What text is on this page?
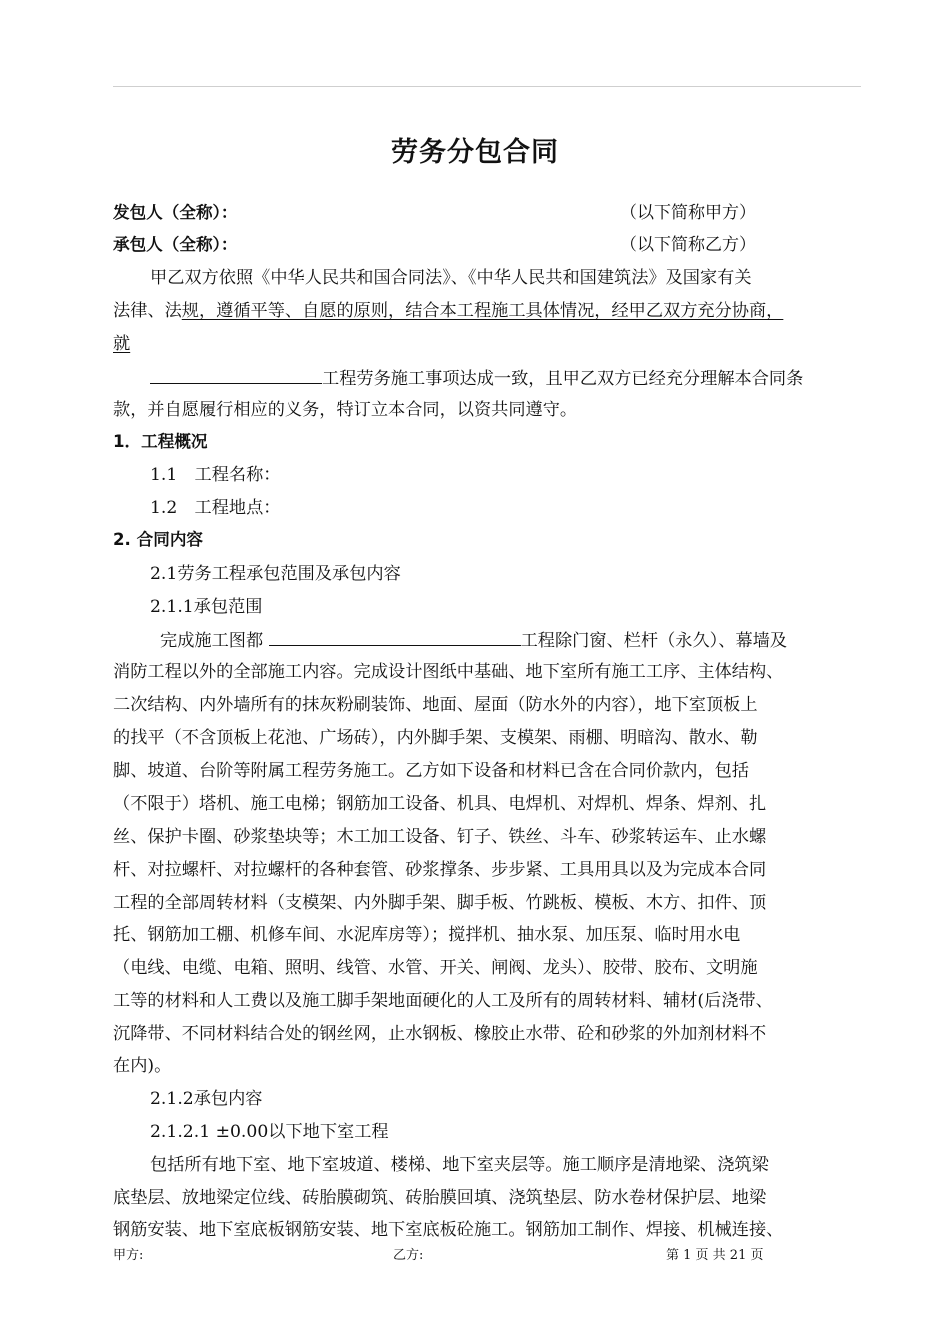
劳务分包合同
发包人（全称）：	（以下简称甲方）
承包人（全称）：	（以下简称乙方）
甲乙双方依照《中华人民共和国合同法》、《中华人民共和国建筑法》及国家有关
法律、法规，遵循平等、自愿的原则，结合本工程施工具体情况，经甲乙双方充分协商，
就
工程劳务施工事项达成一致，且甲乙双方已经充分理解本合同条
款，并自愿履行相应的义务，特订立本合同，以资共同遵守。
1．工程概况
1.1　工程名称：
1.2　工程地点：
2. 合同内容
2.1劳务工程承包范围及承包内容
2.1.1承包范围
完成施工图都	工程除门窗、栏杆（永久）、幕墙及
消防工程以外的全部施工内容。完成设计图纸中基础、地下室所有施工工序、主体结构、
二次结构、内外墙所有的抹灰粉刷装饰、地面、屋面（防水外的内容），地下室顶板上
的找平（不含顶板上花池、广场砖），内外脚手架、支模架、雨棚、明暗沟、散水、勒
脚、坡道、台阶等附属工程劳务施工。乙方如下设备和材料已含在合同价款内，包括
（不限于）塔机、施工电梯；钢筋加工设备、机具、电焊机、对焊机、焊条、焊剂、扎
丝、保护卡圈、砂浆垫块等；木工加工设备、钉子、铁丝、斗车、砂浆转运车、止水螺
杆、对拉螺杆、对拉螺杆的各种套管、砂浆撑条、步步紧、工具用具以及为完成本合同
工程的全部周转材料（支模架、内外脚手架、脚手板、竹跳板、模板、木方、扣件、顶
托、钢筋加工棚、机修车间、水泥库房等）；搅拌机、抽水泵、加压泵、临时用水电
（电线、电缆、电箱、照明、线管、水管、开关、闸阀、龙头）、胶带、胶布、文明施
工等的材料和人工费以及施工脚手架地面硬化的人工及所有的周转材料、辅材(后浇带、
沉降带、不同材料结合处的钢丝网，止水钢板、橡胶止水带、砼和砂浆的外加剂材料不
在内)。
2.1.2承包内容
2.1.2.1 ±0.00以下地下室工程
包括所有地下室、地下室坡道、楼梯、地下室夹层等。施工顺序是清地梁、浇筑梁
底垫层、放地梁定位线、砖胎膜砌筑、砖胎膜回填、浇筑垫层、防水卷材保护层、地梁
钢筋安装、地下室底板钢筋安装、地下室底板砼施工。钢筋加工制作、焊接、机械连接、
甲方:	乙方:	第 1 页 共 21 页
